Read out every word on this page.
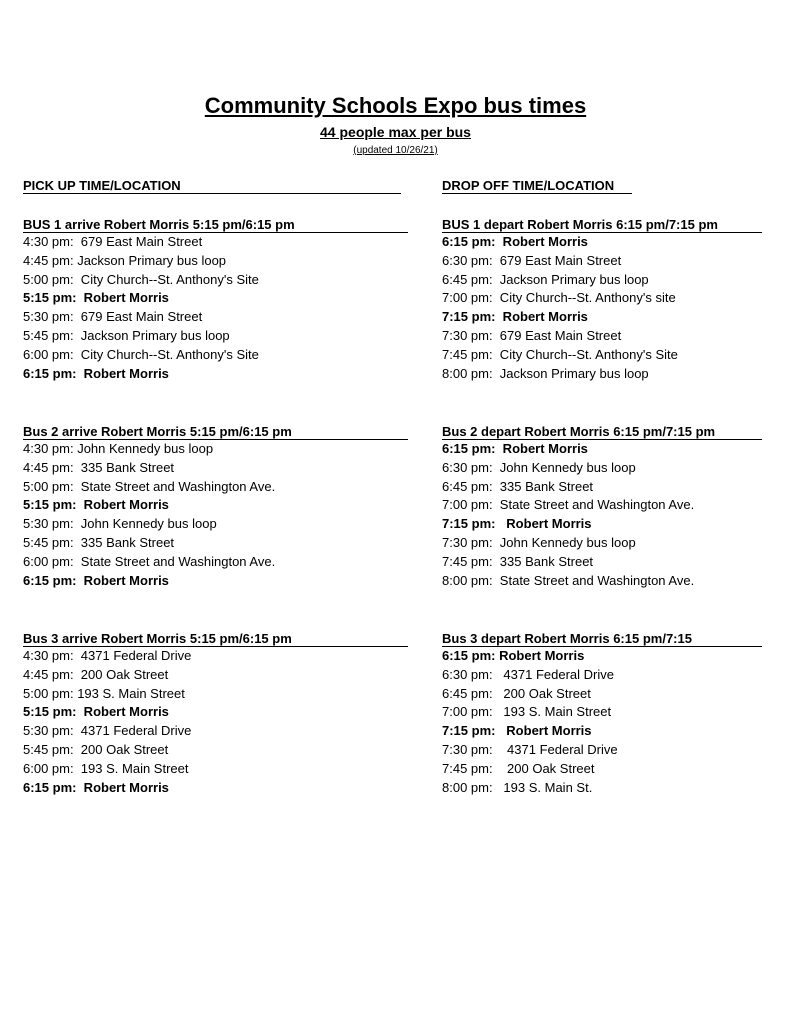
Community Schools Expo bus times
44 people max per bus
(updated 10/26/21)
PICK UP TIME/LOCATION	DROP OFF TIME/LOCATION
BUS 1 arrive Robert Morris 5:15 pm/6:15 pm
4:30 pm:  679 East Main Street
4:45 pm: Jackson Primary bus loop
5:00 pm:  City Church--St. Anthony's Site
5:15 pm:  Robert Morris
5:30 pm:  679 East Main Street
5:45 pm:  Jackson Primary bus loop
6:00 pm:  City Church--St. Anthony's Site
6:15 pm:  Robert Morris
BUS 1 depart Robert Morris 6:15 pm/7:15 pm
6:15 pm:  Robert Morris
6:30 pm:  679 East Main Street
6:45 pm:  Jackson Primary bus loop
7:00 pm:  City Church--St. Anthony's site
7:15 pm:  Robert Morris
7:30 pm:  679 East Main Street
7:45 pm:  City Church--St. Anthony's Site
8:00 pm:  Jackson Primary bus loop
Bus 2 arrive Robert Morris 5:15 pm/6:15 pm
4:30 pm: John Kennedy bus loop
4:45 pm:  335 Bank Street
5:00 pm:  State Street and Washington Ave.
5:15 pm:  Robert Morris
5:30 pm:  John Kennedy bus loop
5:45 pm:  335 Bank Street
6:00 pm:  State Street and Washington Ave.
6:15 pm:  Robert Morris
Bus 2 depart Robert Morris 6:15 pm/7:15 pm
6:15 pm:  Robert Morris
6:30 pm:  John Kennedy bus loop
6:45 pm:  335 Bank Street
7:00 pm:  State Street and Washington Ave.
7:15 pm:   Robert Morris
7:30 pm:  John Kennedy bus loop
7:45 pm:  335 Bank Street
8:00 pm:  State Street and Washington Ave.
Bus 3 arrive Robert Morris 5:15 pm/6:15 pm
4:30 pm:  4371 Federal Drive
4:45 pm:  200 Oak Street
5:00 pm: 193 S. Main Street
5:15 pm:  Robert Morris
5:30 pm:  4371 Federal Drive
5:45 pm:  200 Oak Street
6:00 pm:  193 S. Main Street
6:15 pm:  Robert Morris
Bus 3 depart Robert Morris 6:15 pm/7:15
6:15 pm: Robert Morris
6:30 pm:   4371 Federal Drive
6:45 pm:   200 Oak Street
7:00 pm:   193 S. Main Street
7:15 pm:   Robert Morris
7:30 pm:    4371 Federal Drive
7:45 pm:    200 Oak Street
8:00 pm:   193 S. Main St.
